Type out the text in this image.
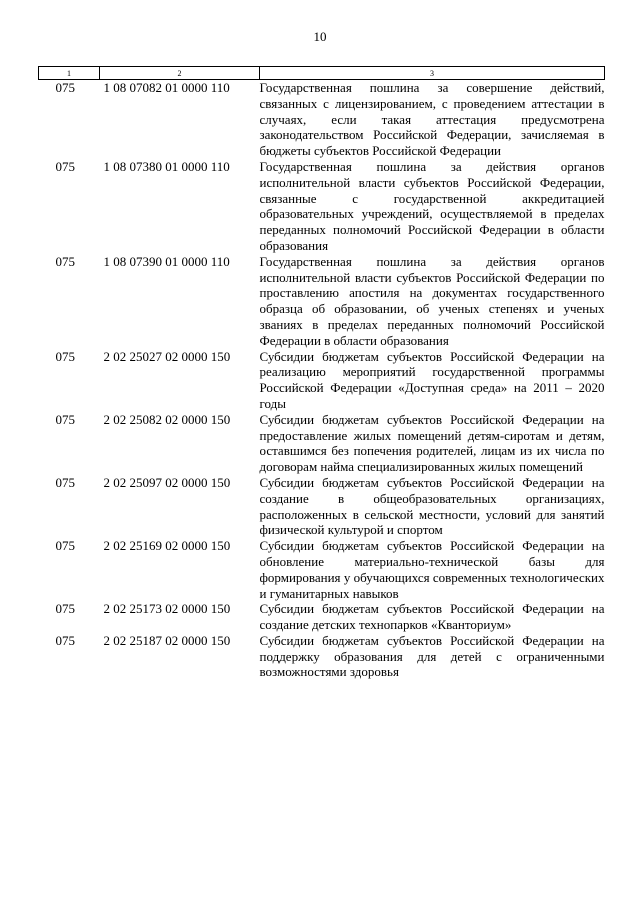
10
1	2	3
075	1 08 07082 01 0000 110	Государственная пошлина за совершение действий, связанных с лицензированием, с проведением аттестации в случаях, если такая аттестация предусмотрена законодательством Российской Федерации, зачисляемая в бюджеты субъектов Российской Федерации
075	1 08 07380 01 0000 110	Государственная пошлина за действия органов исполнительной власти субъектов Российской Федерации, связанные с государственной аккредитацией образовательных учреждений, осуществляемой в пределах переданных полномочий Российской Федерации в области образования
075	1 08 07390 01 0000 110	Государственная пошлина за действия органов исполнительной власти субъектов Российской Федерации по проставлению апостиля на документах государственного образца об образовании, об ученых степенях и ученых званиях в пределах переданных полномочий Российской Федерации в области образования
075	2 02 25027 02 0000 150	Субсидии бюджетам субъектов Российской Федерации на реализацию мероприятий государственной программы Российской Федерации «Доступная среда» на 2011 – 2020 годы
075	2 02 25082 02 0000 150	Субсидии бюджетам субъектов Российской Федерации на предоставление жилых помещений детям-сиротам и детям, оставшимся без попечения родителей, лицам из их числа по договорам найма специализированных жилых помещений
075	2 02 25097 02 0000 150	Субсидии бюджетам субъектов Российской Федерации на создание в общеобразовательных организациях, расположенных в сельской местности, условий для занятий физической культурой и спортом
075	2 02 25169 02 0000 150	Субсидии бюджетам субъектов Российской Федерации на обновление материально-технической базы для формирования у обучающихся современных технологических и гуманитарных навыков
075	2 02 25173 02 0000 150	Субсидии бюджетам субъектов Российской Федерации на создание детских технопарков «Кванториум»
075	2 02 25187 02 0000 150	Субсидии бюджетам субъектов Российской Федерации на поддержку образования для детей с ограниченными возможностями здоровья
